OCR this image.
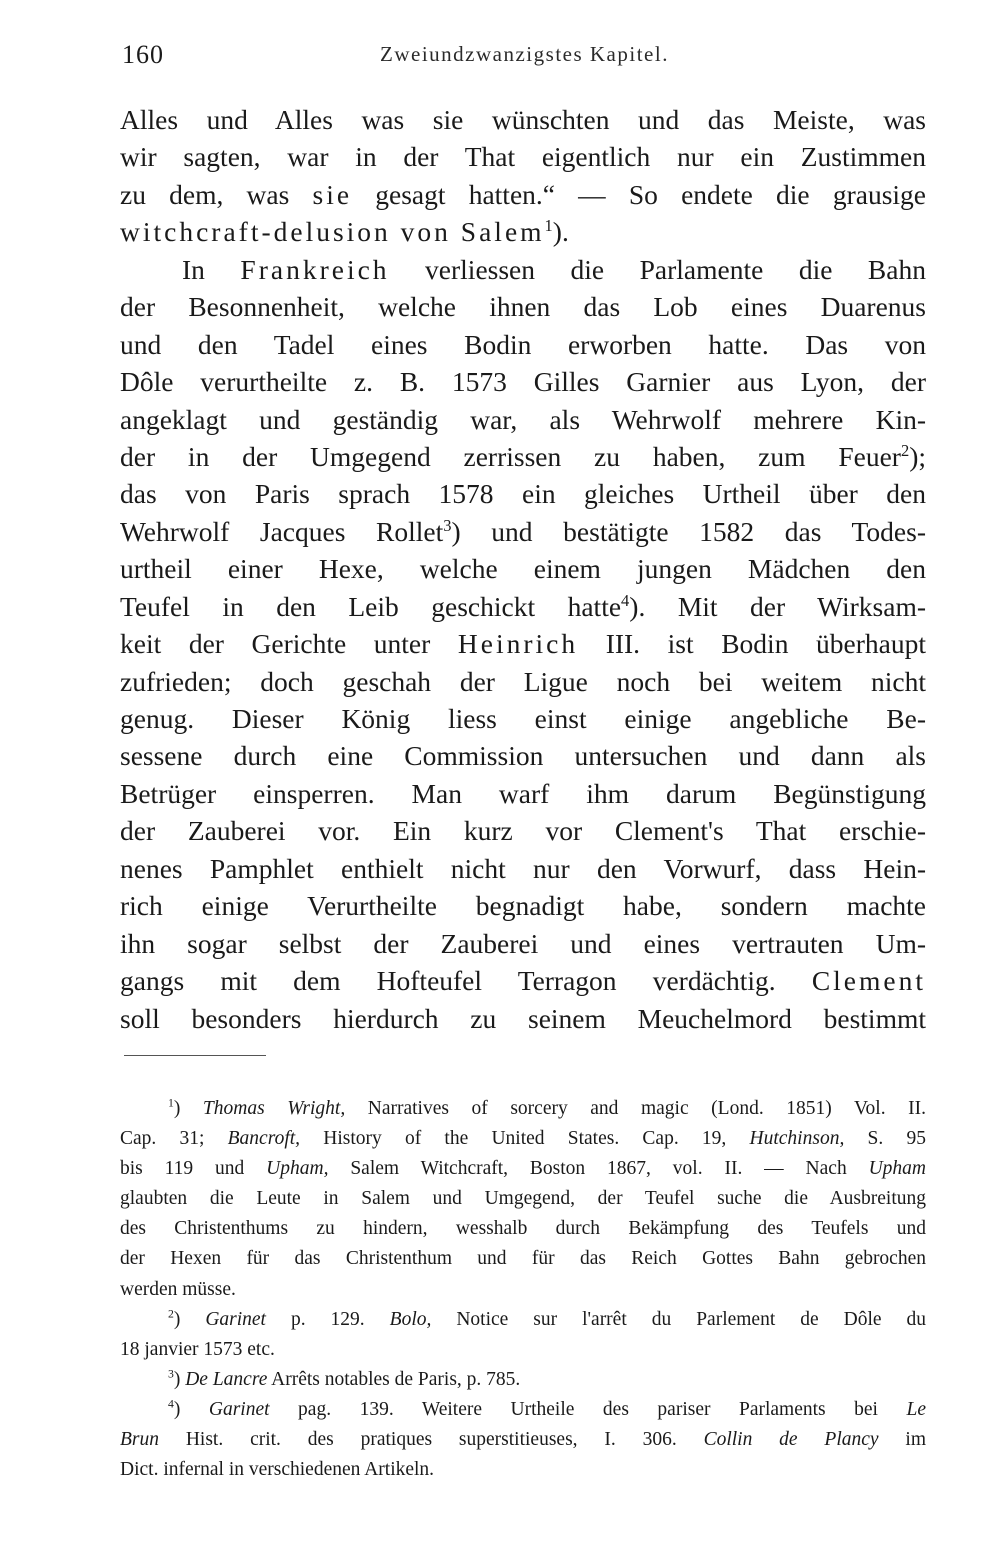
160	Zweiundzwanzigstes Kapitel.
Alles und Alles was sie wünschten und das Meiste, was
wir sagten, war in der That eigentlich nur ein Zustimmen
zu dem, was sie gesagt hatten.“ — So endete die grausige
witchcraft-delusion von Salem$^1$).
In Frankreich verliessen die Parlamente die Bahn
der Besonnenheit, welche ihnen das Lob eines Duarenus
und den Tadel eines Bodin erworben hatte. Das von
Dôle verurtheilte z. B. 1573 Gilles Garnier aus Lyon, der
angeklagt und geständig war, als Wehrwolf mehrere Kin-
der in der Umgegend zerrissen zu haben, zum Feuer$^2$);
das von Paris sprach 1578 ein gleiches Urtheil über den
Wehrwolf Jacques Rollet$^3$) und bestätigte 1582 das Todes-
urtheil einer Hexe, welche einem jungen Mädchen den
Teufel in den Leib geschickt hatte$^4$). Mit der Wirksam-
keit der Gerichte unter Heinrich III. ist Bodin überhaupt
zufrieden; doch geschah der Ligue noch bei weitem nicht
genug. Dieser König liess einst einige angebliche Be-
sessene durch eine Commission untersuchen und dann als
Betrüger einsperren. Man warf ihm darum Begünstigung
der Zauberei vor. Ein kurz vor Clement's That erschie-
nenes Pamphlet enthielt nicht nur den Vorwurf, dass Hein-
rich einige Verurtheilte begnadigt habe, sondern machte
ihn sogar selbst der Zauberei und eines vertrauten Um-
gangs mit dem Hofteufel Terragon verdächtig. Clement
soll besonders hierdurch zu seinem Meuchelmord bestimmt
$^1$) Thomas Wright, Narratives of sorcery and magic (Lond. 1851) Vol. II.
Cap. 31; Bancroft, History of the United States. Cap. 19, Hutchinson, S. 95
bis 119 und Upham, Salem Witchcraft, Boston 1867, vol. II. — Nach Upham
glaubten die Leute in Salem und Umgegend, der Teufel suche die Ausbreitung
des Christenthums zu hindern, wesshalb durch Bekämpfung des Teufels und
der Hexen für das Christenthum und für das Reich Gottes Bahn gebrochen
werden müsse.
$^2$) Garinet p. 129. Bolo, Notice sur l'arrêt du Parlement de Dôle du
18 janvier 1573 etc.
$^3$) De Lancre Arrêts notables de Paris, p. 785.
$^4$) Garinet pag. 139. Weitere Urtheile des pariser Parlaments bei Le
Brun Hist. crit. des pratiques superstitieuses, I. 306. Collin de Plancy im
Dict. infernal in verschiedenen Artikeln.
